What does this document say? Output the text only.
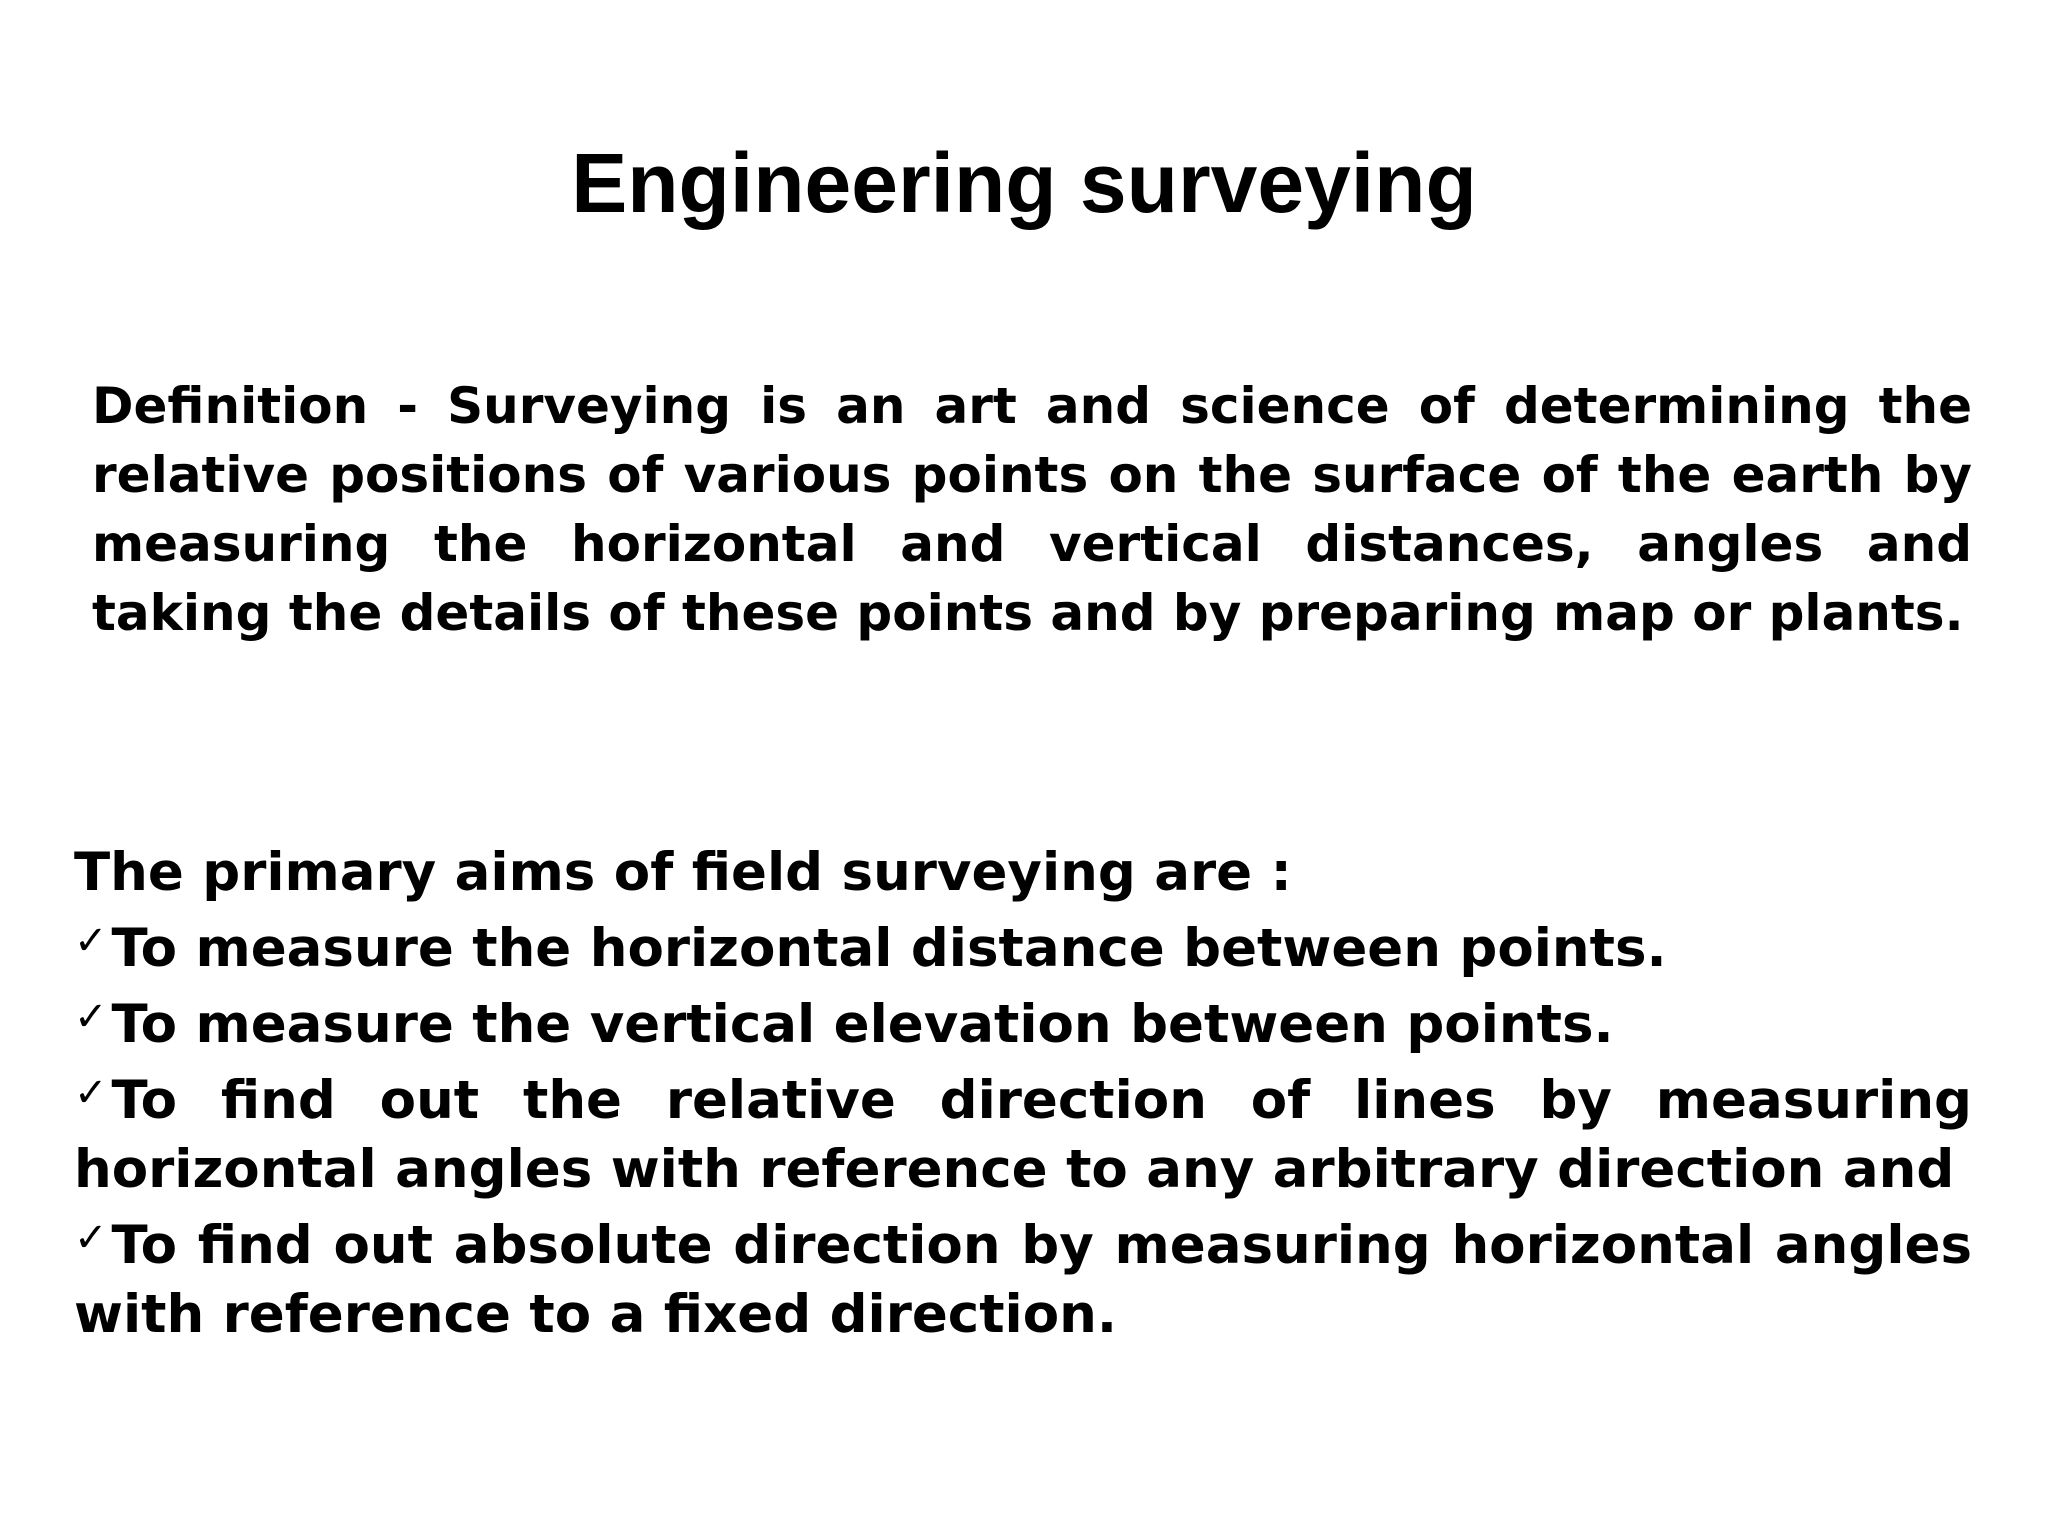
Engineering surveying

Definition - Surveying is an art and science of determining the relative positions of various points on the surface of the earth by measuring the horizontal and vertical distances, angles and taking the details of these points and by preparing map or plants.

The primary aims of field surveying are :

✓To measure the horizontal distance between points.
✓To measure the vertical elevation between points.
✓To find out the relative direction of lines by measuring horizontal angles with reference to any arbitrary direction and
✓To find out absolute direction by measuring horizontal angles with reference to a fixed direction.
